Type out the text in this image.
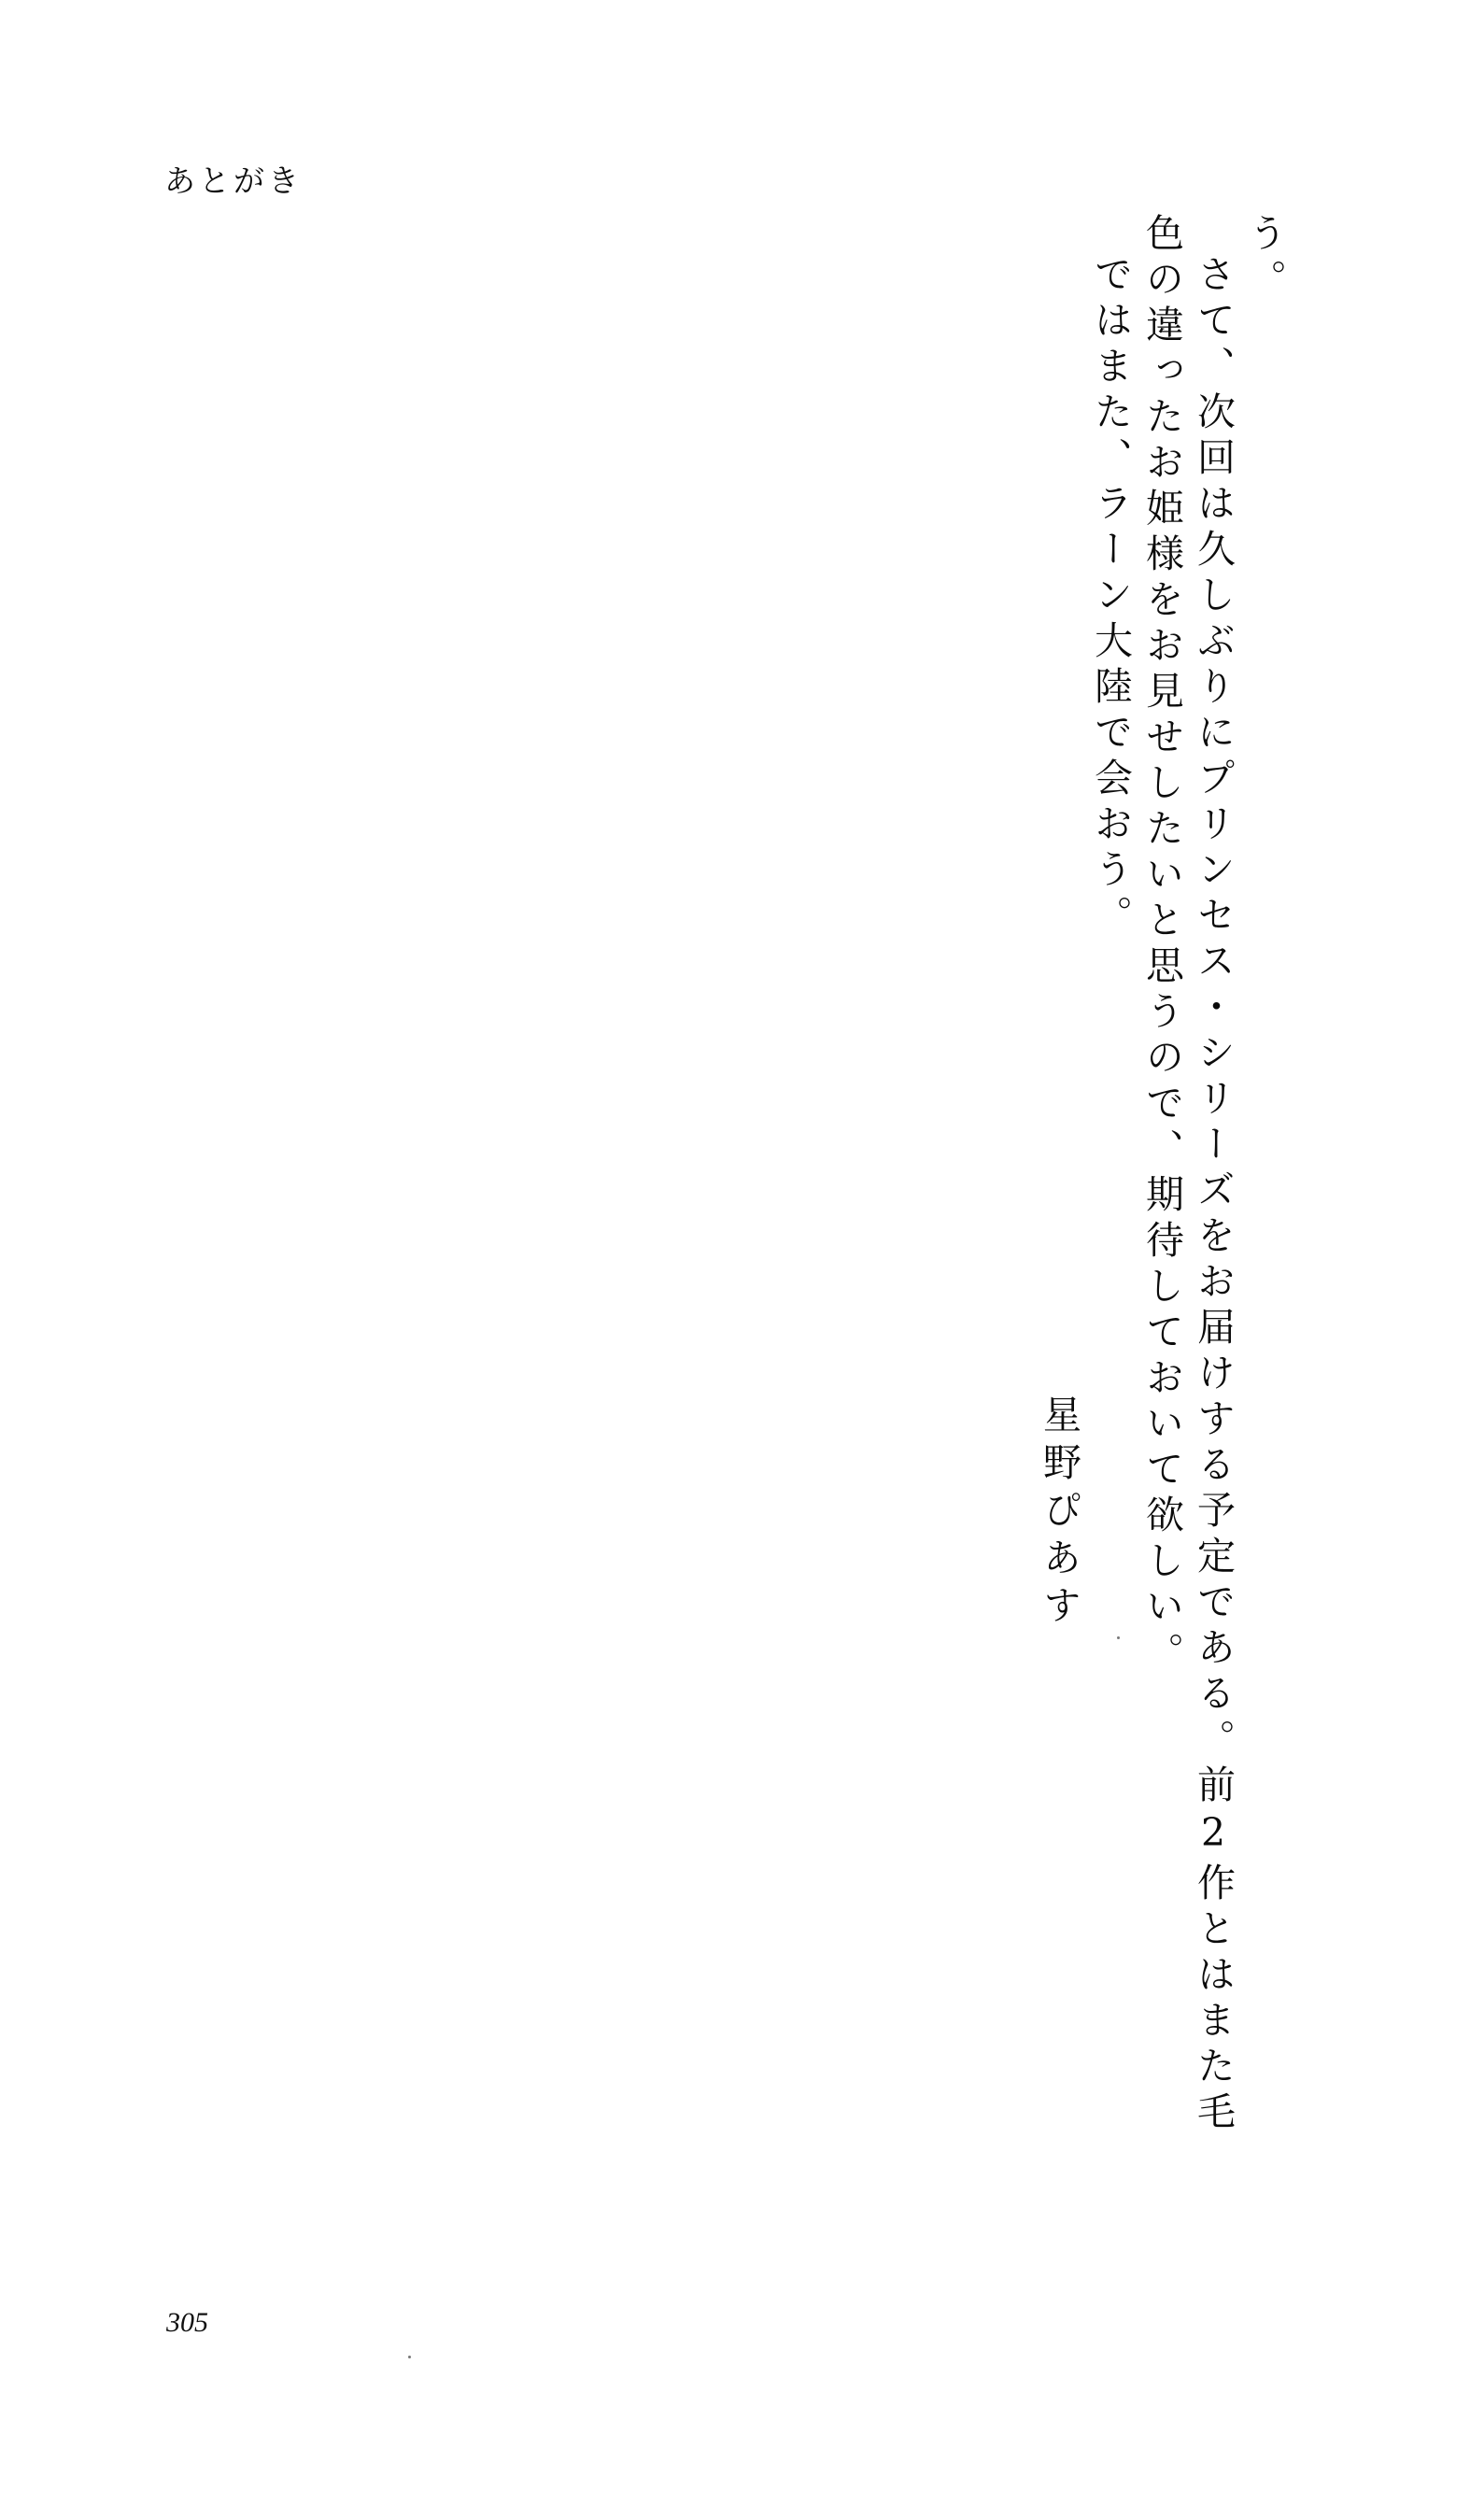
あとがき
う。
さて、次回は久しぶりにプリンセス・シリーズをお届けする予定である。前2作とはまた毛
色の違ったお姫様をお見せしたいと思うので、期待しておいて欲しい。
ではまた、ラーン大陸で会おう。
星野ぴあす
305
